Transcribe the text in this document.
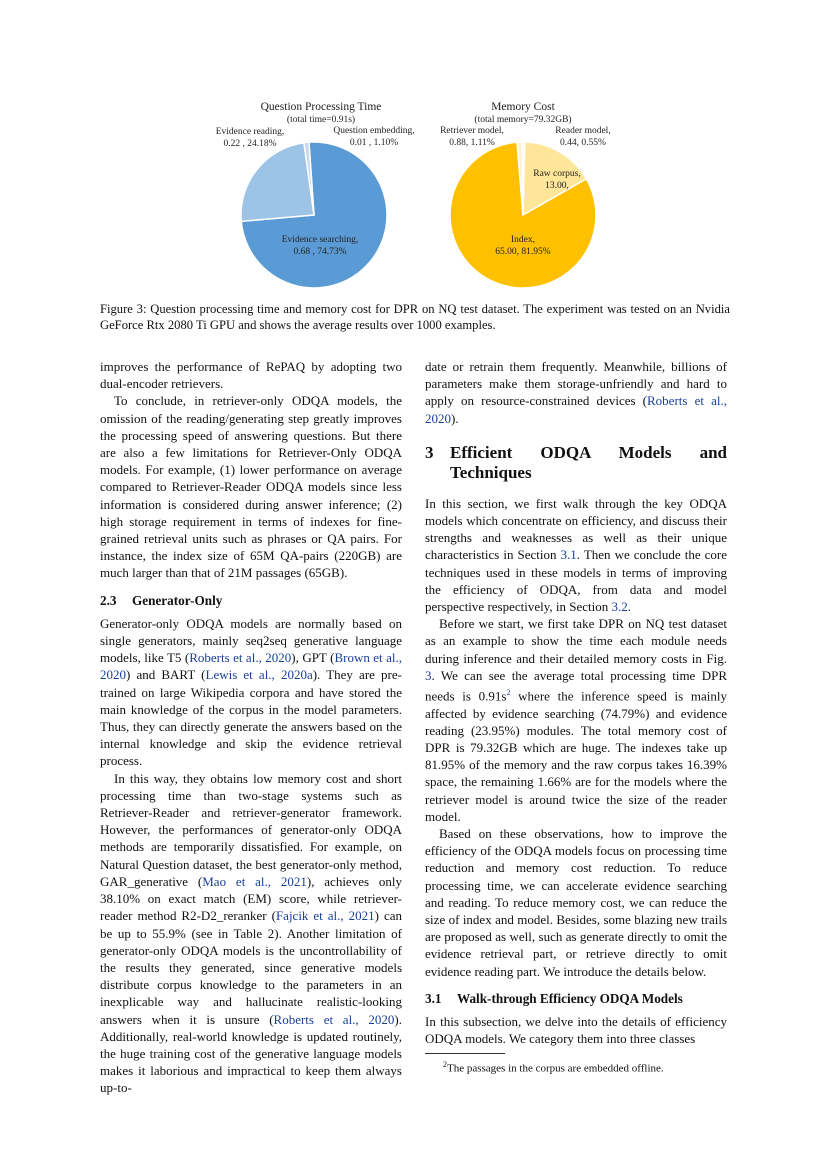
Question Processing Time
(total time=0.91s)
Evidence reading,
0.22 , 24.18%
Question embedding,
0.01 , 1.10%
Evidence searching,
0.68 , 74.73%
Memory Cost
(total memory=79.32GB)
Retriever model,
0.88, 1.11%
Reader model,
0.44, 0.55%
Raw corpus,
13.00,
Index,
65.00, 81.95%
Figure 3: Question processing time and memory cost for DPR on NQ test dataset. The experiment was tested on an Nvidia GeForce Rtx 2080 Ti GPU and shows the average results over 1000 examples.

improves the performance of RePAQ by adopting two dual-encoder retrievers.

To conclude, in retriever-only ODQA models, the omission of the reading/generating step greatly improves the processing speed of answering questions. But there are also a few limitations for Retriever-Only ODQA models. For example, (1) lower performance on average compared to Retriever-Reader ODQA models since less information is considered during answer inference; (2) high storage requirement in terms of indexes for fine-grained retrieval units such as phrases or QA pairs. For instance, the index size of 65M QA-pairs (220GB) are much larger than that of 21M passages (65GB).

2.3	Generator-Only

Generator-only ODQA models are normally based on single generators, mainly seq2seq generative language models, like T5 (Roberts et al., 2020), GPT (Brown et al., 2020) and BART (Lewis et al., 2020a). They are pre-trained on large Wikipedia corpora and have stored the main knowledge of the corpus in the model parameters. Thus, they can directly generate the answers based on the internal knowledge and skip the evidence retrieval process.

In this way, they obtains low memory cost and short processing time than two-stage systems such as Retriever-Reader and retriever-generator framework. However, the performances of generator-only ODQA methods are temporarily dissatisfied. For example, on Natural Question dataset, the best generator-only method, GAR_generative (Mao et al., 2021), achieves only 38.10% on exact match (EM) score, while retriever-reader method R2-D2_reranker (Fajcik et al., 2021) can be up to 55.9% (see in Table 2). Another limitation of generator-only ODQA models is the uncontrollability of the results they generated, since generative models distribute corpus knowledge to the parameters in an inexplicable way and hallucinate realistic-looking answers when it is unsure (Roberts et al., 2020). Additionally, real-world knowledge is updated routinely, the huge training cost of the generative language models makes it laborious and impractical to keep them always up-to-

date or retrain them frequently. Meanwhile, billions of parameters make them storage-unfriendly and hard to apply on resource-constrained devices (Roberts et al., 2020).

3 Efficient ODQA Models and Techniques

In this section, we first walk through the key ODQA models which concentrate on efficiency, and discuss their strengths and weaknesses as well as their unique characteristics in Section 3.1. Then we conclude the core techniques used in these models in terms of improving the efficiency of ODQA, from data and model perspective respectively, in Section 3.2.

Before we start, we first take DPR on NQ test dataset as an example to show the time each module needs during inference and their detailed memory costs in Fig. 3. We can see the average total processing time DPR needs is 0.91s$^2$ where the inference speed is mainly affected by evidence searching (74.79%) and evidence reading (23.95%) modules. The total memory cost of DPR is 79.32GB which are huge. The indexes take up 81.95% of the memory and the raw corpus takes 16.39% space, the remaining 1.66% are for the models where the retriever model is around twice the size of the reader model.

Based on these observations, how to improve the efficiency of the ODQA models focus on processing time reduction and memory cost reduction. To reduce processing time, we can accelerate evidence searching and reading. To reduce memory cost, we can reduce the size of index and model. Besides, some blazing new trails are proposed as well, such as generate directly to omit the evidence retrieval part, or retrieve directly to omit evidence reading part. We introduce the details below.

3.1	Walk-through Efficiency ODQA Models

In this subsection, we delve into the details of efficiency ODQA models. We category them into three classes

$^2$The passages in the corpus are embedded offline.
